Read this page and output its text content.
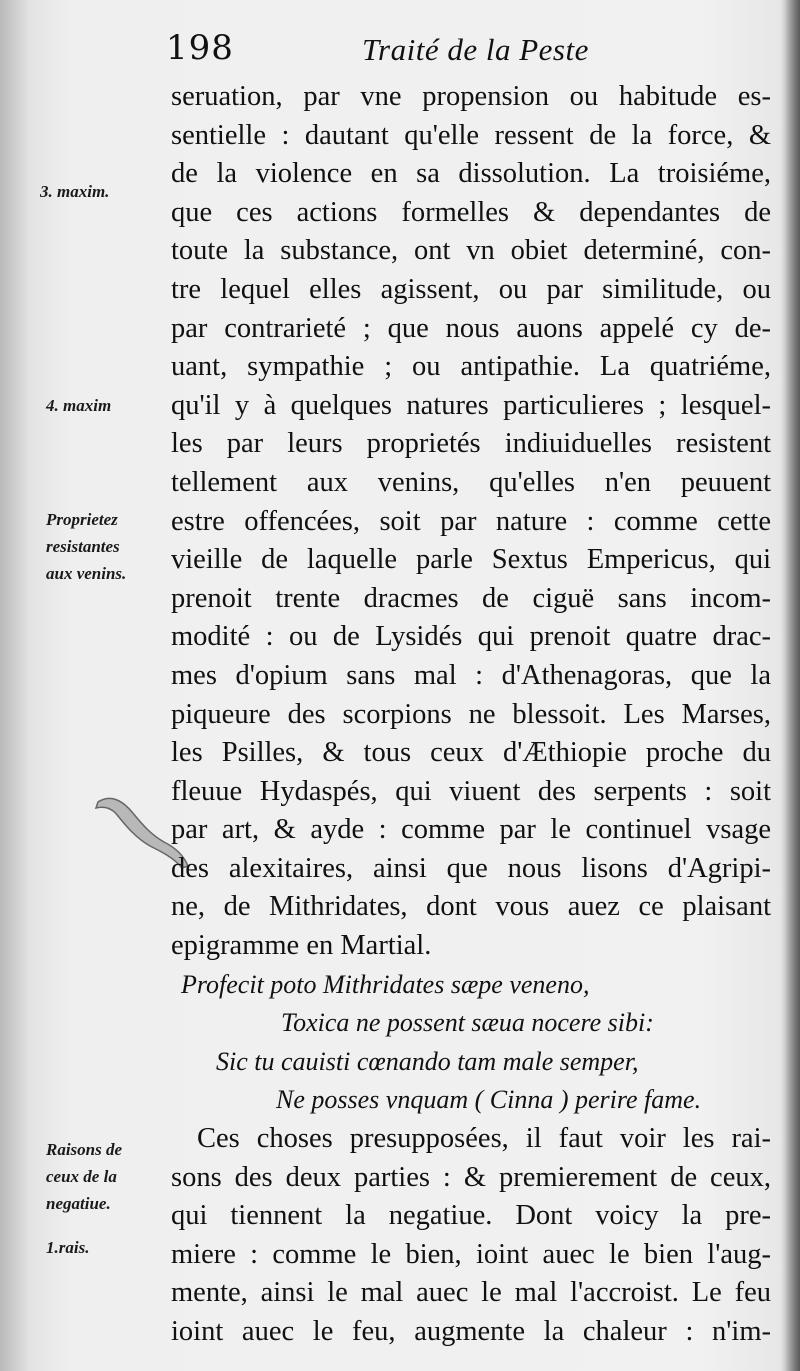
198	Traité de la Peste
3. maxim.
4. maxim
Proprietez
resistantes
aux venins.
Raisons de
ceux de la
negatiue.
1.rais.
seruation, par vne propension ou habitude es-
sentielle : dautant qu'elle ressent de la force, &
de la violence en sa dissolution. La troisiéme,
que ces actions formelles & dependantes de
toute la substance, ont vn obiet determiné, con-
tre lequel elles agissent, ou par similitude, ou
par contrarieté ; que nous auons appelé cy de-
uant, sympathie ; ou antipathie. La quatriéme,
qu'il y à quelques natures particulieres ; lesquel-
les par leurs proprietés indiuiduelles resistent
tellement aux venins, qu'elles n'en peuuent
estre offencées, soit par nature : comme cette
vieille de laquelle parle Sextus Empericus, qui
prenoit trente dracmes de ciguë sans incom-
modité : ou de Lysidés qui prenoit quatre drac-
mes d'opium sans mal : d'Athenagoras, que la
piqueure des scorpions ne blessoit. Les Marses,
les Psilles, & tous ceux d'Æthiopie proche du
fleuue Hydaspés, qui viuent des serpents : soit
par art, & ayde : comme par le continuel vsage
des alexitaires, ainsi que nous lisons d'Agripi-
ne, de Mithridates, dont vous auez ce plaisant
epigramme en Martial.
Profecit poto Mithridates sæpe veneno,
Toxica ne possent sæua nocere sibi:
Sic tu cauisti cœnando tam male semper,
Ne posses vnquam ( Cinna ) perire fame.
Ces choses presupposées, il faut voir les rai-
sons des deux parties : & premierement de ceux,
qui tiennent la negatiue. Dont voicy la pre-
miere : comme le bien, ioint auec le bien l'aug-
mente, ainsi le mal auec le mal l'accroist. Le feu
ioint auec le feu, augmente la chaleur : n'im-
